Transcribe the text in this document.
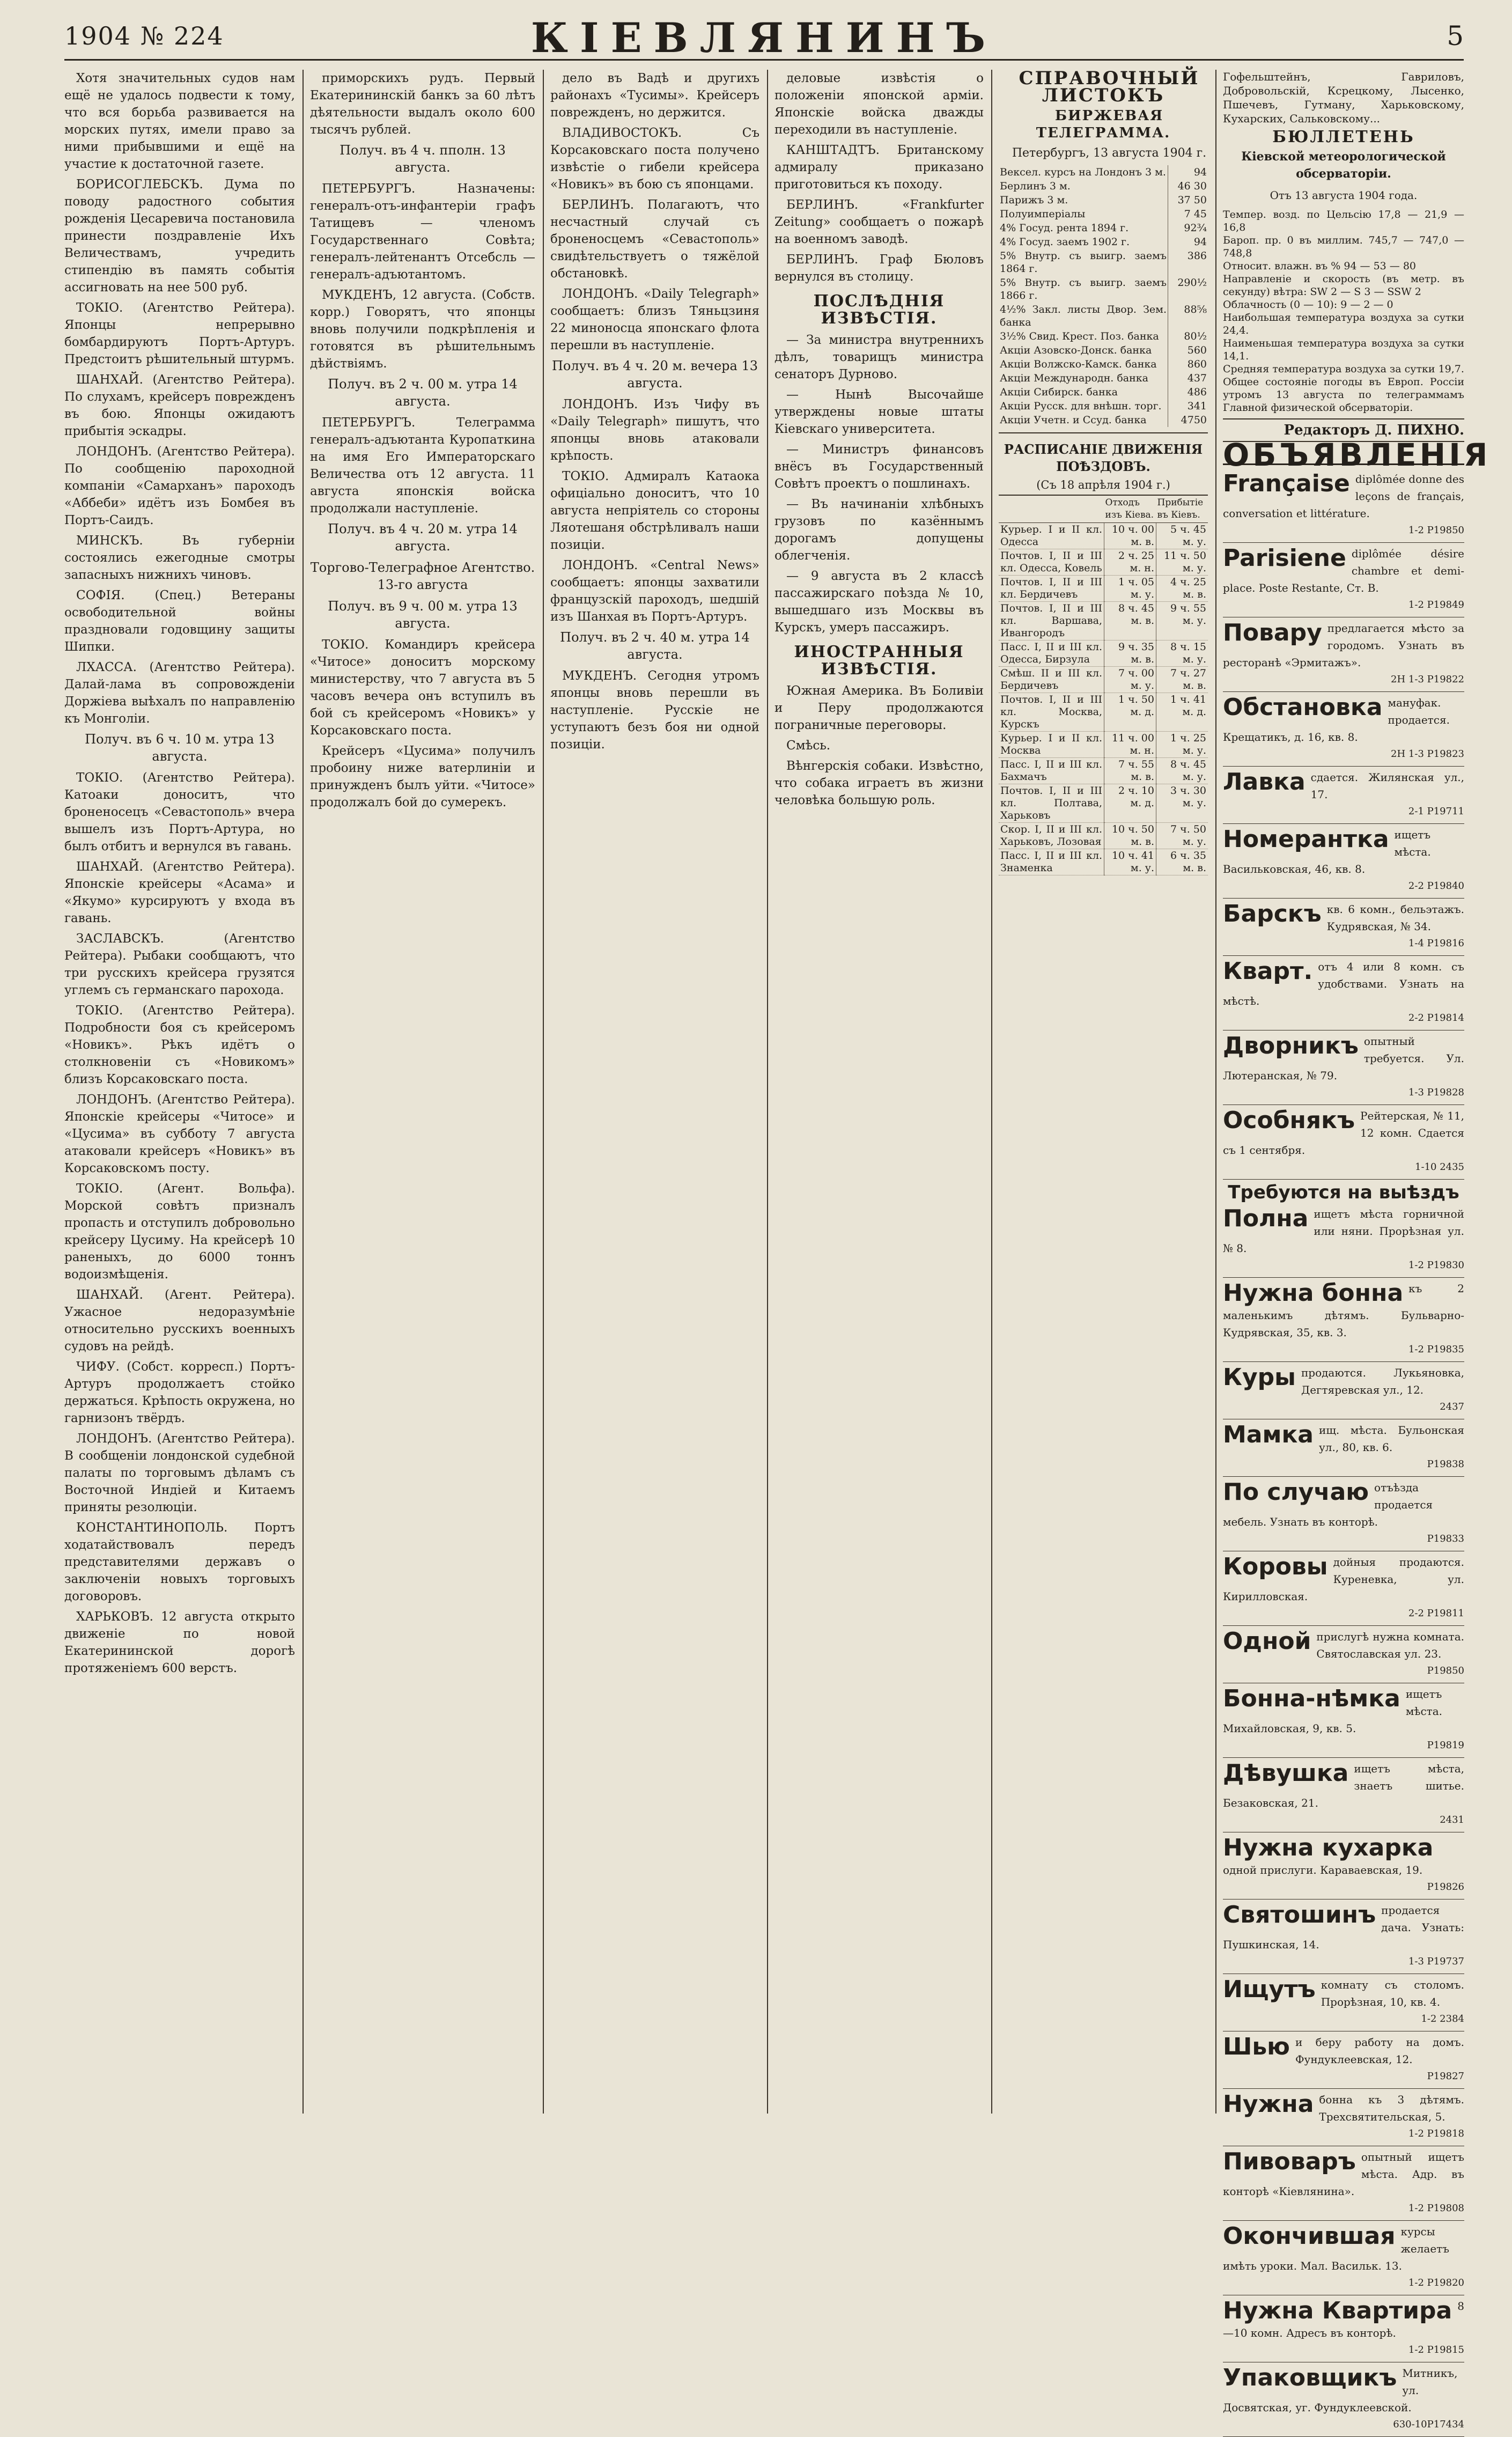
1904 № 224	КІЕВЛЯНИНЪ	5

Хотя значительных судов нам ещё не удалось подвести к тому, что вся борьба развивается на морских путях, имели право за ними прибывшими и ещё на участие к достаточной газете.

БОРИСОГЛЕБСКЪ. Дума по поводу радостного события рожденія Цесаревича постановила принести поздравленіе Ихъ Величествамъ, учредить стипендію въ память событія ассигновать на нее 500 руб.

ТОКІО. (Агентство Рейтера). Японцы непрерывно бомбардируютъ Портъ-Артуръ. Предстоитъ рѣшительный штурмъ.

ШАНХАЙ. (Агентство Рейтера). По слухамъ, крейсеръ поврежденъ въ бою. Японцы ожидаютъ прибытія эскадры.

ЛОНДОНЪ. (Агентство Рейтера). По сообщенію пароходной компаніи «Самарханъ» пароходъ «Аббеби» идётъ изъ Бомбея въ Портъ-Саидъ.

МИНСКЪ. Въ губерніи состоялись ежегодные смотры запасныхъ нижнихъ чиновъ.

СОФІЯ. (Спец.) Ветераны освободительной войны праздновали годовщину защиты Шипки.

ЛХАССА. (Агентство Рейтера). Далай-лама въ сопровожденіи Доржіева выѣхалъ по направленію къ Монголіи.

Получ. въ 6 ч. 10 м. утра 13 августа.

ТОКІО. (Агентство Рейтера). Катоаки доноситъ, что броненосецъ «Севастополь» вчера вышелъ изъ Портъ-Артура, но былъ отбитъ и вернулся въ гавань.

ШАНХАЙ. (Агентство Рейтера). Японскіе крейсеры «Асама» и «Якумо» курсируютъ у входа въ гавань.

ЗАСЛАВСКЪ. (Агентство Рейтера). Рыбаки сообщаютъ, что три русскихъ крейсера грузятся углемъ съ германскаго парохода.

ТОКІО. (Агентство Рейтера). Подробности боя съ крейсеромъ «Новикъ». Рѣкъ идётъ о столкновеніи съ «Новикомъ» близъ Корсаковскаго поста.

ЛОНДОНЪ. (Агентство Рейтера). Японскіе крейсеры «Читосе» и «Цусима» въ субботу 7 августа атаковали крейсеръ «Новикъ» въ Корсаковскомъ посту.

ТОКІО. (Агент. Вольфа). Морской совѣтъ призналъ пропасть и отступилъ добровольно крейсеру Цусиму. На крейсерѣ 10 раненыхъ, до 6000 тоннъ водоизмѣщенія.

ШАНХАЙ. (Агент. Рейтера). Ужасное недоразумѣніе относительно русскихъ военныхъ судовъ на рейдѣ.

ЧИФУ. (Собст. корресп.) Портъ-Артуръ продолжаетъ стойко держаться. Крѣпость окружена, но гарнизонъ твёрдъ.

ЛОНДОНЪ. (Агентство Рейтера). В сообщеніи лондонской судебной палаты по торговымъ дѣламъ съ Восточной Индіей и Китаемъ приняты резолюціи.

КОНСТАНТИНОПОЛЬ. Портъ ходатайствовалъ передъ представителями державъ о заключеніи новыхъ торговыхъ договоровъ.

ХАРЬКОВЪ. 12 августа открыто движеніе по новой Екатерининской дорогѣ протяженіемъ 600 верстъ.

приморскихъ рудъ. Первый Екатерининскій банкъ за 60 лѣтъ дѣятельности выдалъ около 600 тысячъ рублей.

Получ. въ 4 ч. пполн. 13 августа.

ПЕТЕРБУРГЪ. Назначены: генералъ-отъ-инфантеріи графъ Татищевъ — членомъ Государственнаго Совѣта; генералъ-лейтенантъ Отсебсль — генералъ-адъютантомъ.

МУКДЕНЪ, 12 августа. (Собств. корр.) Говорятъ, что японцы вновь получили подкрѣпленія и готовятся въ рѣшительнымъ дѣйствіямъ.

Получ. въ 2 ч. 00 м. утра 14 августа.

ПЕТЕРБУРГЪ. Телеграмма генералъ-адъютанта Куропаткина на имя Его Императорскаго Величества отъ 12 августа. 11 августа японскія войска продолжали наступленіе.

Получ. въ 4 ч. 20 м. утра 14 августа.

Торгово-Телеграфное Агентство. 13-го августа

Получ. въ 9 ч. 00 м. утра 13 августа.

ТОКІО. Командиръ крейсера «Читосе» доноситъ морскому министерству, что 7 августа въ 5 часовъ вечера онъ вступилъ въ бой съ крейсеромъ «Новикъ» у Корсаковскаго поста.

Крейсеръ «Цусима» получилъ пробоину ниже ватерлиніи и принужденъ былъ уйти. «Читосе» продолжалъ бой до сумерекъ.

дело въ Вадѣ и другихъ районахъ «Тусимы». Крейсеръ поврежденъ, но держится.

ВЛАДИВОСТОКЪ. Съ Корсаковскаго поста получено извѣстіе о гибели крейсера «Новикъ» въ бою съ японцами.

БЕРЛИНЪ. Полагаютъ, что несчастный случай съ броненосцемъ «Севастополь» свидѣтельствуетъ о тяжёлой обстановкѣ.

ЛОНДОНЪ. «Daily Telegraph» сообщаетъ: близъ Тяньцзиня 22 миноносца японскаго флота перешли въ наступленіе.

Получ. въ 4 ч. 20 м. вечера 13 августа.

ЛОНДОНЪ. Изъ Чифу въ «Daily Telegraph» пишутъ, что японцы вновь атаковали крѣпость.

ТОКІО. Адмиралъ Катаока офиціально доноситъ, что 10 августа непріятель со стороны Ляотешаня обстрѣливалъ наши позиціи.

ЛОНДОНЪ. «Central News» сообщаетъ: японцы захватили французскій пароходъ, шедшій изъ Шанхая въ Портъ-Артуръ.

Получ. въ 2 ч. 40 м. утра 14 августа.

МУКДЕНЪ. Сегодня утромъ японцы вновь перешли въ наступленіе. Русскіе не уступаютъ безъ боя ни одной позиціи.

деловые извѣстія о положеніи японской арміи. Японскіе войска дважды переходили въ наступленіе.

КАНШТАДТЪ. Британскому адмиралу приказано приготовиться къ походу.

БЕРЛИНЪ. «Frankfurter Zeitung» сообщаетъ о пожарѣ на военномъ заводѣ.

БЕРЛИНЪ. Граф Бюловъ вернулся въ столицу.

ПОСЛѢДНІЯ ИЗВѢСТІЯ.

— За министра внутреннихъ дѣлъ, товарищъ министра сенаторъ Дурново.

— Нынѣ Высочайше утверждены новые штаты Кіевскаго университета.

— Министръ финансовъ внёсъ въ Государственный Совѣтъ проектъ о пошлинахъ.

— Въ начинаніи хлѣбныхъ грузовъ по казённымъ дорогамъ допущены облегченія.

— 9 августа въ 2 классѣ пассажирскаго поѣзда № 10, вышедшаго изъ Москвы въ Курскъ, умеръ пассажиръ.

ИНОСТРАННЫЯ ИЗВѢСТІЯ.

Южная Америка. Въ Боливіи и Перу продолжаются пограничные переговоры.

Смѣсь.

Вѣнгерскія собаки. Извѣстно, что собака играетъ въ жизни человѣка большую роль.

СПРАВОЧНЫЙ ЛИСТОКЪ

БИРЖЕВАЯ ТЕЛЕГРАММА.

Петербургъ, 13 августа 1904 г.

Вексел. курсъ на Лондонъ 3 м.	94
Берлинъ 3 м.	46 30
Парижъ 3 м.	37 50
Полуимперіалы	7 45
4% Госуд. рента 1894 г.	92¾
4% Госуд. заемъ 1902 г.	94
5% Внутр. съ выигр. заемъ 1864 г.	386
5% Внутр. съ выигр. заемъ 1866 г.	290½
4½% Закл. листы Двор. Зем. банка	88⅝
3½% Свид. Крест. Поз. банка	80½
Акціи Азовско-Донск. банка	560
Акціи Волжско-Камск. банка	860
Акціи Международн. банка	437
Акціи Сибирск. банка	486
Акціи Русск. для внѣшн. торг.	341
Акціи Учетн. и Ссуд. банка	4750
РАСПИСАНІЕ ДВИЖЕНІЯ ПОѢЗДОВЪ.
(Съ 18 апрѣля 1904 г.)
	Отходъ изъ Кіева.	Прибытіе въ Кіевъ.
Курьер. I и II кл. Одесса	10 ч. 00 м. в.	5 ч. 45 м. у.
Почтов. I, II и III кл. Одесса, Ковель	2 ч. 25 м. н.	11 ч. 50 м. у.
Почтов. I, II и III кл. Бердичевъ	1 ч. 05 м. у.	4 ч. 25 м. в.
Почтов. I, II и III кл. Варшава, Ивангородъ	8 ч. 45 м. в.	9 ч. 55 м. у.
Пасс. I, II и III кл. Одесса, Бирзула	9 ч. 35 м. в.	8 ч. 15 м. у.
Смѣш. II и III кл. Бердичевъ	7 ч. 00 м. у.	7 ч. 27 м. в.
Почтов. I, II и III кл. Москва, Курскъ	1 ч. 50 м. д.	1 ч. 41 м. д.
Курьер. I и II кл. Москва	11 ч. 00 м. н.	1 ч. 25 м. у.
Пасс. I, II и III кл. Бахмачъ	7 ч. 55 м. в.	8 ч. 45 м. у.
Почтов. I, II и III кл. Полтава, Харьковъ	2 ч. 10 м. д.	3 ч. 30 м. у.
Скор. I, II и III кл. Харьковъ, Лозовая	10 ч. 50 м. в.	7 ч. 50 м. у.
Пасс. I, II и III кл. Знаменка	10 ч. 41 м. у.	6 ч. 35 м. в.

Гофельштейнъ, Гавриловъ, Добровольскій, Ксрецкому, Лысенко, Пшечевъ, Гутману, Харьковскому, Кухарских, Сальковскому...

БЮЛЛЕТЕНЬ
Кіевской метеорологической обсерваторіи.
Отъ 13 августа 1904 года.
Темпер. возд. по Цельсію 17,8 — 21,9 — 16,8
Бароп. пр. 0 въ миллим. 745,7 — 747,0 — 748,8
Относит. влажн. въ % 94 — 53 — 80
Направленіе и скорость (въ метр. въ секунду) вѣтра: SW 2 — S 3 — SSW 2
Облачность (0 — 10): 9 — 2 — 0
Наибольшая температура воздуха за сутки 24,4.
Наименьшая температура воздуха за сутки 14,1.
Средняя температура воздуха за сутки 19,7.
Общее состояніе погоды въ Европ. Россіи утромъ 13 августа по телеграммамъ Главной физической обсерваторіи.
Редакторъ Д. ПИХНО.
ОБЪЯВЛЕНІЯ
Française diplômée donne des leçons de français, conversation et littérature.
1-2 P19850
Parisiene diplômée désire chambre et demi-place. Poste Restante, Ст. В.
1-2 P19849
Повару предлагается мѣсто за городомъ. Узнать въ ресторанѣ «Эрмитажъ».
2Н 1-3 P19822
Обстановка мануфак. продается. Крещатикъ, д. 16, кв. 8.
2Н 1-3 P19823
Лавка сдается. Жилянская ул., 17.
2-1 P19711
Номерантка ищетъ мѣста. Васильковская, 46, кв. 8.
2-2 P19840
Барскъ кв. 6 комн., бельэтажъ. Кудрявская, № 34.
1-4 P19816
Кварт. отъ 4 или 8 комн. съ удобствами. Узнать на мѣстѣ.
2-2 P19814
Дворникъ опытный требуется. Ул. Лютеранская, № 79.
1-3 P19828
Особнякъ Рейтерская, № 11, 12 комн. Сдается съ 1 сентября.
1-10 2435
Требуются на выѣздъ
Полна ищетъ мѣста горничной или няни. Прорѣзная ул. № 8.
1-2 P19830
Нужна бонна къ 2 маленькимъ дѣтямъ. Бульварно-Кудрявская, 35, кв. 3.
1-2 P19835
Куры продаются. Лукьяновка, Дегтяревская ул., 12.
2437
Мамка ищ. мѣста. Бульонская ул., 80, кв. 6.
P19838
По случаю отъѣзда продается мебель. Узнать въ конторѣ.
P19833
Коровы дойныя продаются. Куреневка, ул. Кирилловская.
2-2 P19811
Одной прислугѣ нужна комната. Святославская ул. 23.
P19850
Бонна-нѣмка ищетъ мѣста. Михайловская, 9, кв. 5.
P19819
Дѣвушка ищетъ мѣста, знаетъ шитье. Безаковская, 21.
2431
Нужна кухарка
одной прислуги. Караваевская, 19.
P19826
Святошинъ продается дача. Узнать: Пушкинская, 14.
1-3 P19737
Ищутъ комнату съ столомъ. Прорѣзная, 10, кв. 4.
1-2 2384
Шью и беру работу на домъ. Фундуклеевская, 12.
P19827
Нужна бонна къ 3 дѣтямъ. Трехсвятительская, 5.
1-2 P19818
Пивоваръ опытный ищетъ мѣста. Адр. въ конторѣ «Кіевлянина».
1-2 P19808
Окончившая курсы желаетъ имѣть уроки. Мал. Васильк. 13.
1-2 P19820
Нужна Квартира 8—10 комн. Адресъ въ конторѣ.
1-2 P19815
Упаковщикъ Митникъ, ул. Досвятская, уг. Фундуклеевской.
630-10P17434
